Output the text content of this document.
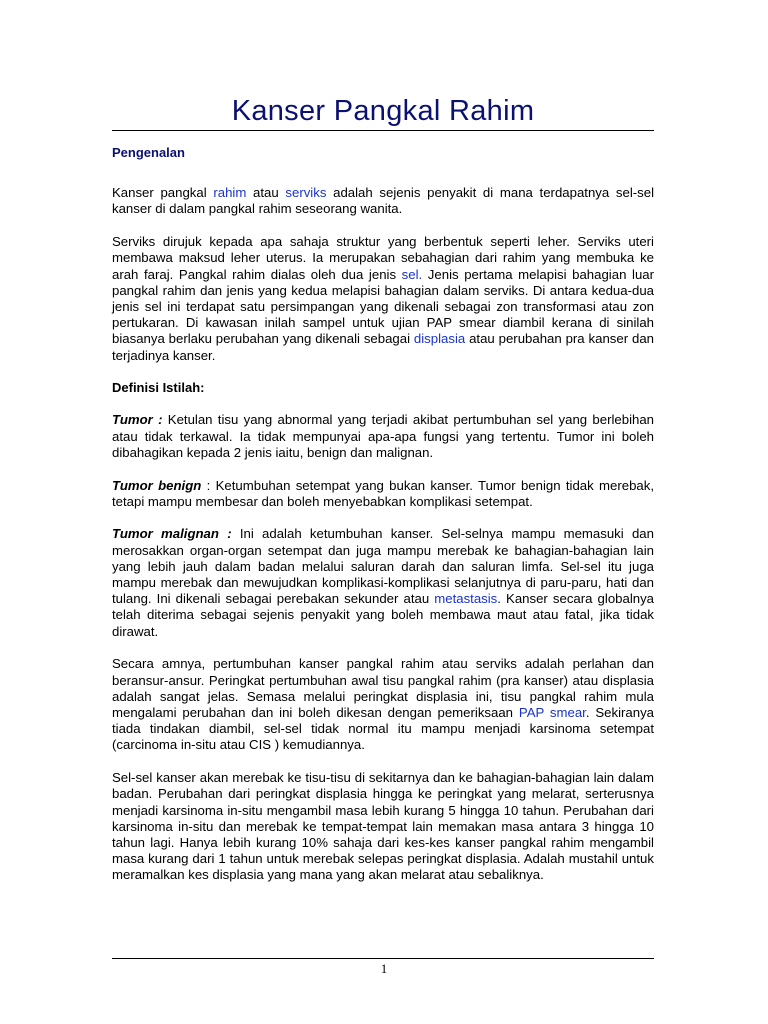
Kanser Pangkal Rahim

Pengenalan

Kanser pangkal rahim atau serviks adalah sejenis penyakit di mana terdapatnya sel-sel kanser di dalam pangkal rahim seseorang wanita.

Serviks dirujuk kepada apa sahaja struktur yang berbentuk seperti leher. Serviks uteri membawa maksud leher uterus. Ia merupakan sebahagian dari rahim yang membuka ke arah faraj. Pangkal rahim dialas oleh dua jenis sel. Jenis pertama melapisi bahagian luar pangkal rahim dan jenis yang kedua melapisi bahagian dalam serviks. Di antara kedua-dua jenis sel ini terdapat satu persimpangan yang dikenali sebagai zon transformasi atau zon pertukaran. Di kawasan inilah sampel untuk ujian PAP smear diambil kerana di sinilah biasanya berlaku perubahan yang dikenali sebagai displasia atau perubahan pra kanser dan terjadinya kanser.

Definisi Istilah:

Tumor : Ketulan tisu yang abnormal yang terjadi akibat pertumbuhan sel yang berlebihan atau tidak terkawal. Ia tidak mempunyai apa-apa fungsi yang tertentu. Tumor ini boleh dibahagikan kepada 2 jenis iaitu, benign dan malignan.

Tumor benign : Ketumbuhan setempat yang bukan kanser. Tumor benign tidak merebak, tetapi mampu membesar dan boleh menyebabkan komplikasi setempat.

Tumor malignan : Ini adalah ketumbuhan kanser. Sel-selnya mampu memasuki dan merosakkan organ-organ setempat dan juga mampu merebak ke bahagian-bahagian lain yang lebih jauh dalam badan melalui saluran darah dan saluran limfa. Sel-sel itu juga mampu merebak dan mewujudkan komplikasi-komplikasi selanjutnya di paru-paru, hati dan tulang. Ini dikenali sebagai perebakan sekunder atau metastasis. Kanser secara globalnya telah diterima sebagai sejenis penyakit yang boleh membawa maut atau fatal, jika tidak dirawat.

Secara amnya, pertumbuhan kanser pangkal rahim atau serviks adalah perlahan dan beransur-ansur. Peringkat pertumbuhan awal tisu pangkal rahim (pra kanser) atau displasia adalah sangat jelas. Semasa melalui peringkat displasia ini, tisu pangkal rahim mula mengalami perubahan dan ini boleh dikesan dengan pemeriksaan PAP smear. Sekiranya tiada tindakan diambil, sel-sel tidak normal itu mampu menjadi karsinoma setempat (carcinoma in-situ atau CIS ) kemudiannya.

Sel-sel kanser akan merebak ke tisu-tisu di sekitarnya dan ke bahagian-bahagian lain dalam badan. Perubahan dari peringkat displasia hingga ke peringkat yang melarat, serterusnya menjadi karsinoma in-situ mengambil masa lebih kurang 5 hingga 10 tahun. Perubahan dari karsinoma in-situ dan merebak ke tempat-tempat lain memakan masa antara 3 hingga 10 tahun lagi. Hanya lebih kurang 10% sahaja dari kes-kes kanser pangkal rahim mengambil masa kurang dari 1 tahun untuk merebak selepas peringkat displasia. Adalah mustahil untuk meramalkan kes displasia yang mana yang akan melarat atau sebaliknya.

1
